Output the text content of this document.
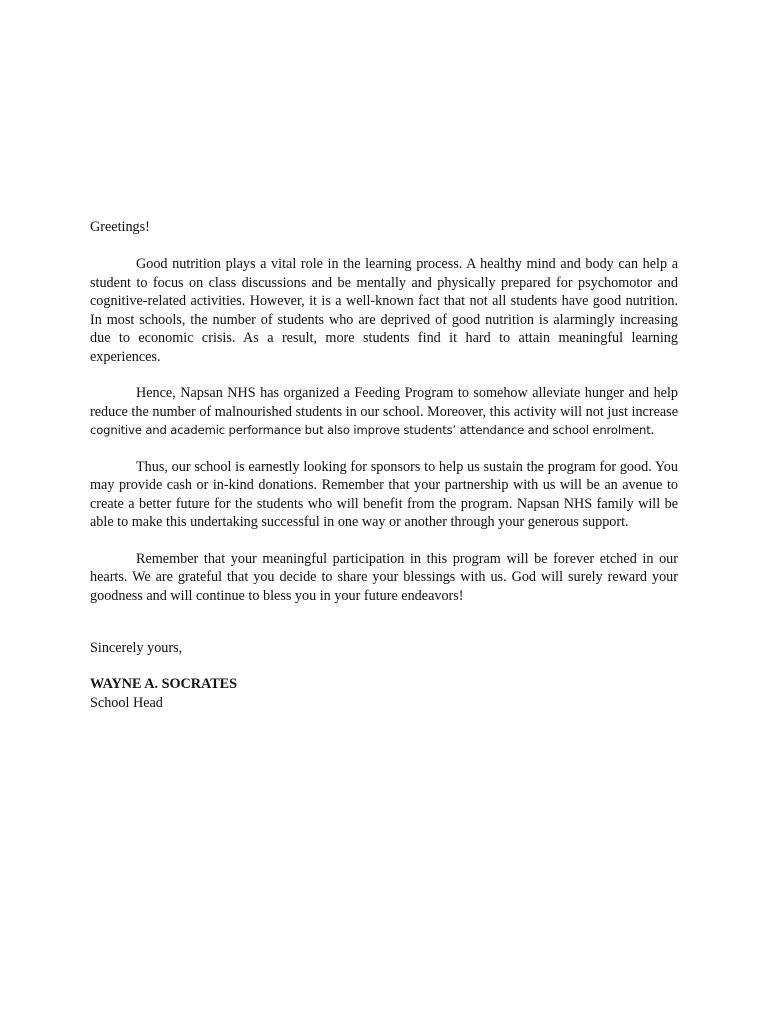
Greetings!

Good nutrition plays a vital role in the learning process. A healthy mind and body can help a student to focus on class discussions and be mentally and physically prepared for psychomotor and cognitive-related activities. However, it is a well-known fact that not all students have good nutrition. In most schools, the number of students who are deprived of good nutrition is alarmingly increasing due to economic crisis. As a result, more students find it hard to attain meaningful learning experiences.

Hence, Napsan NHS has organized a Feeding Program to somehow alleviate hunger and help reduce the number of malnourished students in our school. Moreover, this activity will not just increase cognitive and academic performance but also improve students’ attendance and school enrolment.

Thus, our school is earnestly looking for sponsors to help us sustain the program for good. You may provide cash or in-kind donations. Remember that your partnership with us will be an avenue to create a better future for the students who will benefit from the program. Napsan NHS family will be able to make this undertaking successful in one way or another through your generous support.

Remember that your meaningful participation in this program will be forever etched in our hearts. We are grateful that you decide to share your blessings with us. God will surely reward your goodness and will continue to bless you in your future endeavors!

Sincerely yours,

WAYNE A. SOCRATES

School Head
